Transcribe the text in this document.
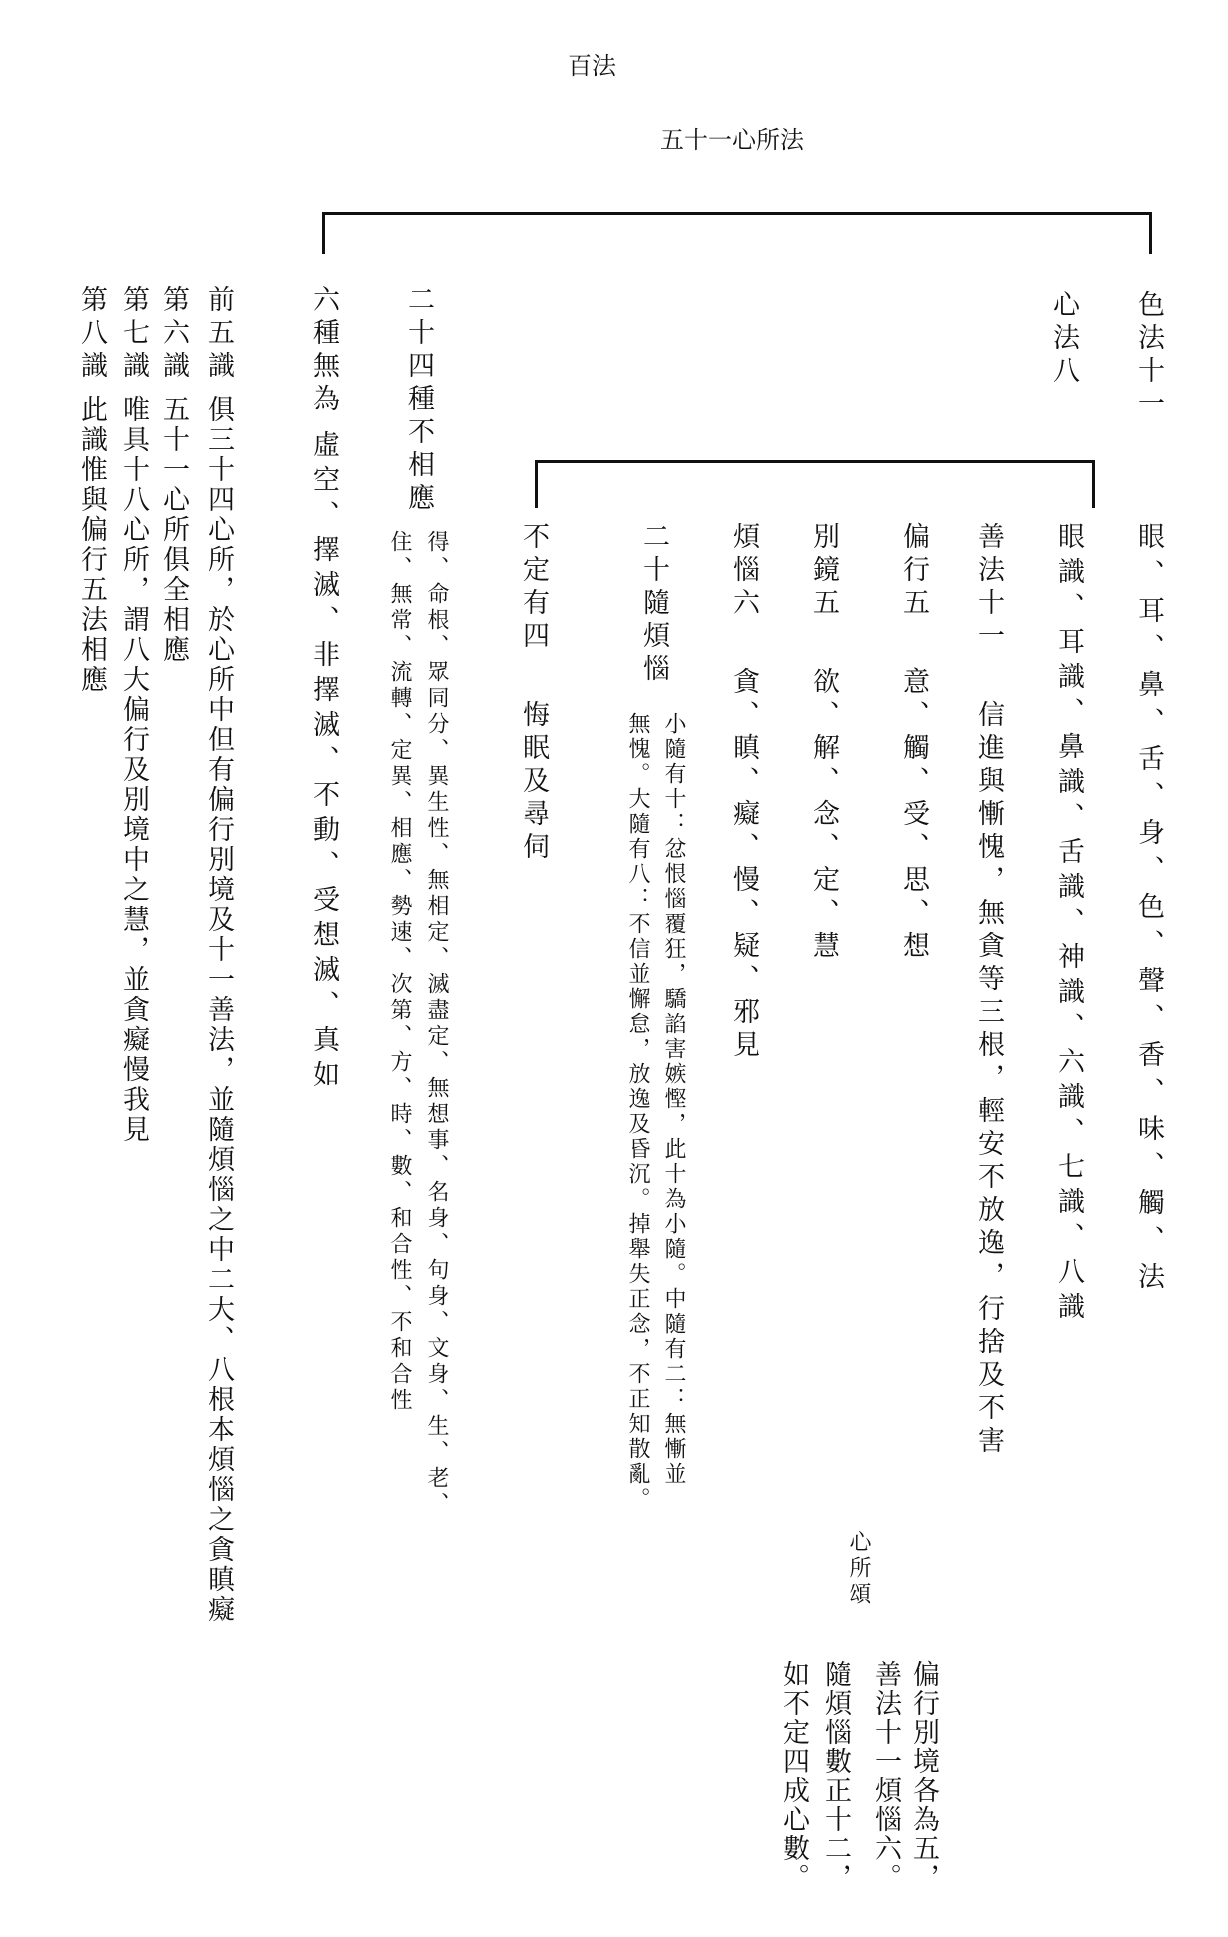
百法
五十一心所法
色法十一
心法八
二十四種不相應
六種無為
眼、耳、鼻、舌、身、色、聲、香、味、觸、法
眼識、耳識、鼻識、舌識、神識、六識、七識、八識
善法十一
信進與慚愧，無貪等三根，輕安不放逸，行捨及不害
偏行五
意、觸、受、思、想
別鏡五
欲、解、念、定、慧
煩惱六
貪、瞋、癡、慢、疑、邪見
二十隨煩惱
小隨有十：忿恨惱覆狂，驕諂害嫉慳，此十為小隨。中隨有二：無慚並
無愧。大隨有八：不信並懈怠，放逸及昏沉。掉舉失正念，不正知散亂。
不定有四
悔眠及尋伺
得、命根、眾同分、異生性、無相定、滅盡定、無想事、名身、句身、文身、生、老、
住、無常、流轉、定異、相應、勢速、次第、方、時、數、和合性、不和合性
虛空、擇滅、非擇滅、不動、受想滅、真如
前五識
俱三十四心所，於心所中但有偏行別境及十一善法，並隨煩惱之中二大、八根本煩惱之貪瞋癡
第六識
五十一心所俱全相應
第七識
唯具十八心所，謂八大偏行及別境中之慧，並貪癡慢我見
第八識
此識惟與偏行五法相應
心所頌
偏行別境各為五，
善法十一煩惱六。
隨煩惱數正十二，
如不定四成心數。
